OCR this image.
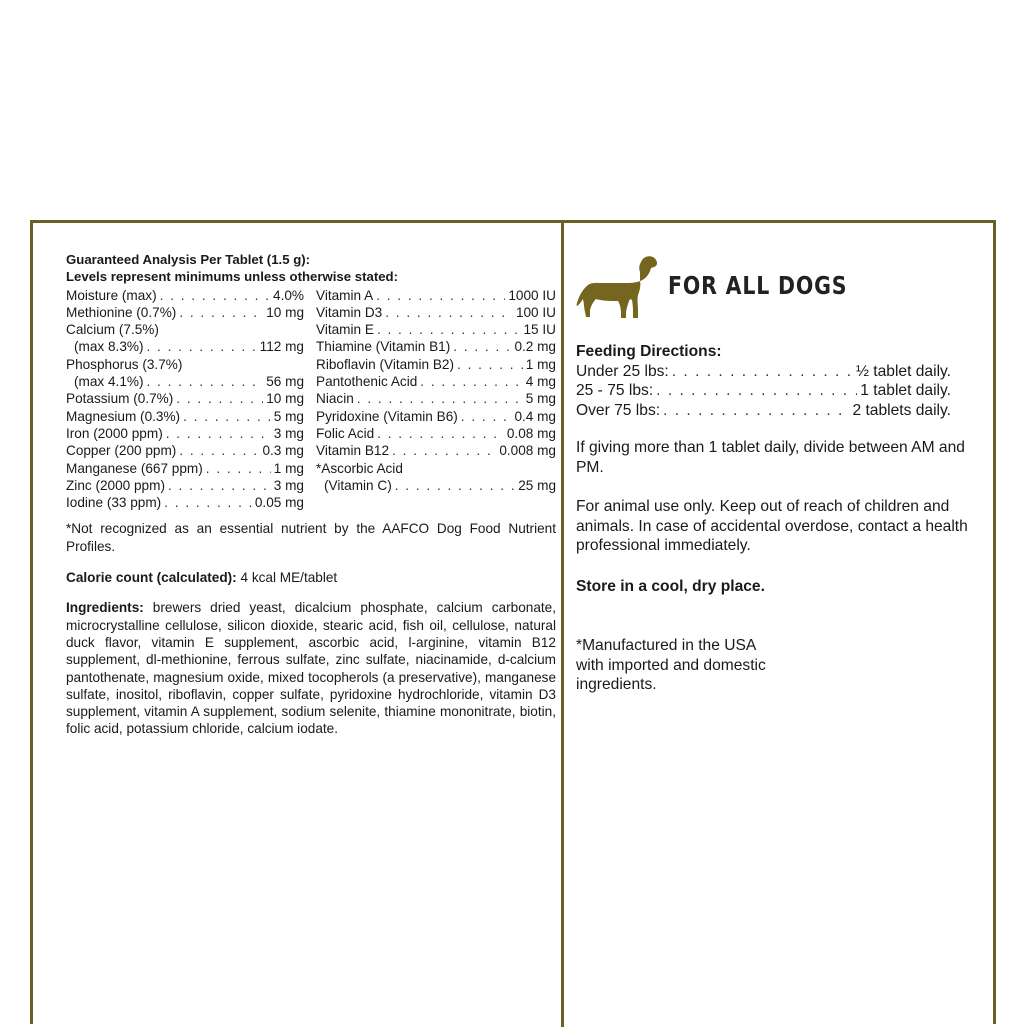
Guaranteed Analysis Per Tablet (1.5 g):
Levels represent minimums unless otherwise stated:
Moisture (max) . . .	4.0%
Methionine (0.7%) . . .	10 mg
Calcium (7.5%)
(max 8.3%) . . .	112 mg
Phosphorus (3.7%)
(max 4.1%) . . .	56 mg
Potassium (0.7%) . . .	10 mg
Magnesium (0.3%) . . .	5 mg
Iron (2000 ppm) . . .	3 mg
Copper (200 ppm) . . .	0.3 mg
Manganese (667 ppm) . . .	1 mg
Zinc (2000 ppm) . . .	3 mg
Iodine (33 ppm) . . .	0.05 mg
Vitamin A . . .	1000 IU
Vitamin D3 . . .	100 IU
Vitamin E . . .	15 IU
Thiamine (Vitamin B1) . . .	0.2 mg
Riboflavin (Vitamin B2) . . .	1 mg
Pantothenic Acid . . .	4 mg
Niacin . . .	5 mg
Pyridoxine (Vitamin B6) . . .	0.4 mg
Folic Acid . . .	0.08 mg
Vitamin B12 . . .	0.008 mg
*Ascorbic Acid
(Vitamin C) . . .	25 mg
*Not recognized as an essential nutrient by the AAFCO Dog Food Nutrient Profiles.
Calorie count (calculated): 4 kcal ME/tablet
Ingredients: brewers dried yeast, dicalcium phosphate, calcium carbonate, microcrystalline cellulose, silicon dioxide, stearic acid, fish oil, cellulose, natural duck flavor, vitamin E supplement, ascorbic acid, l-arginine, vitamin B12 supplement, dl-methionine, ferrous sulfate, zinc sulfate, niacinamide, d-calcium pantothenate, magnesium oxide, mixed tocopherols (a preservative), manganese sulfate, inositol, riboflavin, copper sulfate, pyridoxine hydrochloride, vitamin D3 supplement, vitamin A supplement, sodium selenite, thiamine mononitrate, biotin, folic acid, potassium chloride, calcium iodate.
FOR ALL DOGS
Feeding Directions:
Under 25 lbs: . . .	½ tablet daily.
25 - 75 lbs: . . .	1 tablet daily.
Over 75 lbs: . . .	2 tablets daily.
If giving more than 1 tablet daily, divide between AM and PM.
For animal use only. Keep out of reach of children and animals. In case of accidental overdose, contact a health professional immediately.
Store in a cool, dry place.
*Manufactured in the USA with imported and domestic ingredients.
